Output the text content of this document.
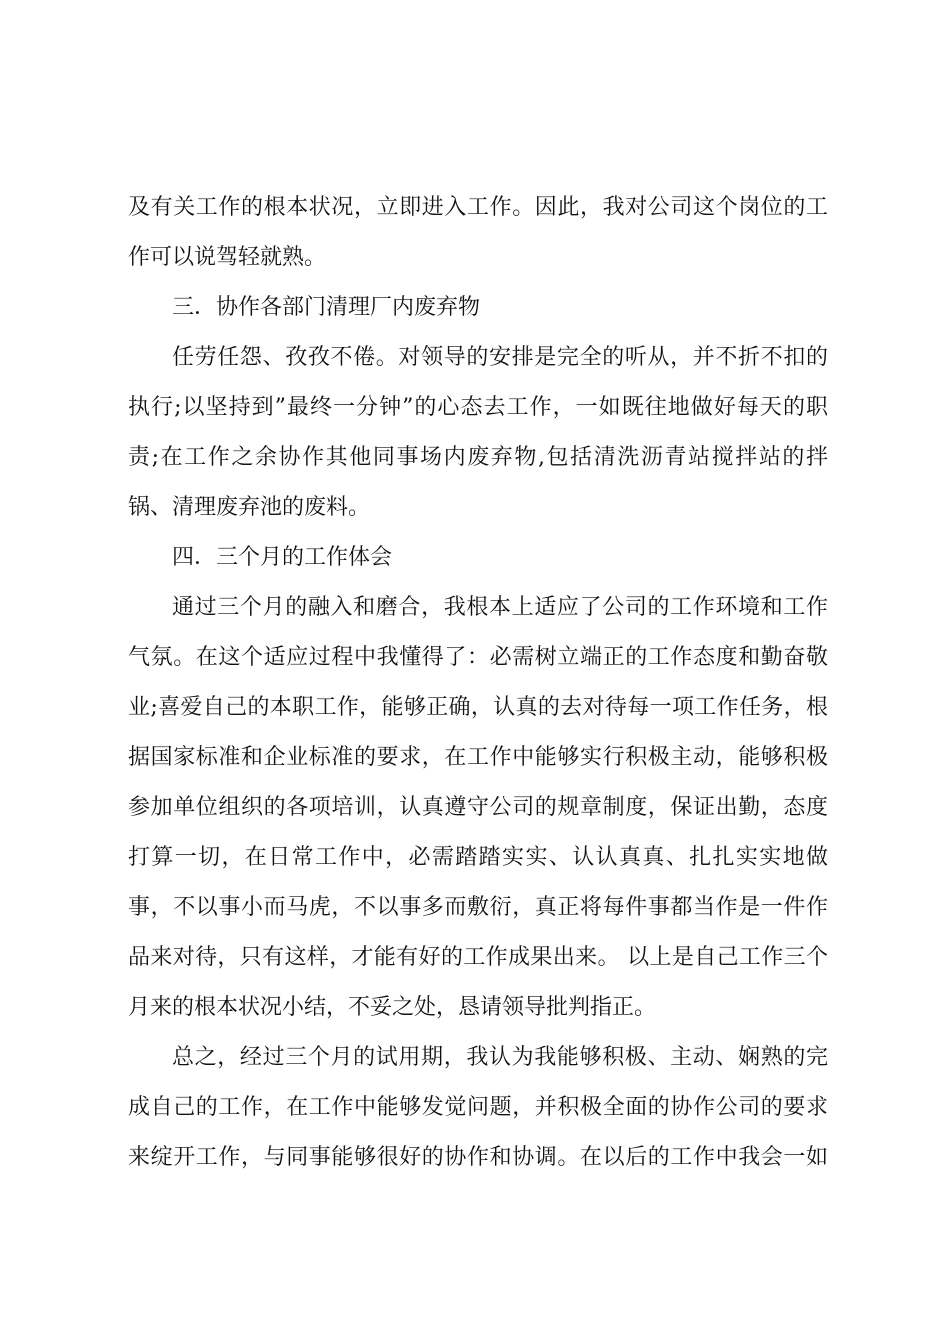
及有关工作的根本状况，立即进入工作。因此，我对公司这个岗位的工
作可以说驾轻就熟。
三．协作各部门清理厂内废弃物
任劳任怨、孜孜不倦。对领导的安排是完全的听从，并不折不扣的
执行;以坚持到”最终一分钟”的心态去工作，一如既往地做好每天的职
责;在工作之余协作其他同事场内废弃物,包括清洗沥青站搅拌站的拌
锅、清理废弃池的废料。
四．三个月的工作体会
通过三个月的融入和磨合，我根本上适应了公司的工作环境和工作
气氛。在这个适应过程中我懂得了：必需树立端正的工作态度和勤奋敬
业;喜爱自己的本职工作，能够正确，认真的去对待每一项工作任务，根
据国家标准和企业标准的要求，在工作中能够实行积极主动，能够积极
参加单位组织的各项培训，认真遵守公司的规章制度，保证出勤，态度
打算一切，在日常工作中，必需踏踏实实、认认真真、扎扎实实地做
事，不以事小而马虎，不以事多而敷衍，真正将每件事都当作是一件作
品来对待，只有这样，才能有好的工作成果出来。 以上是自己工作三个
月来的根本状况小结，不妥之处，恳请领导批判指正。
总之，经过三个月的试用期，我认为我能够积极、主动、娴熟的完
成自己的工作，在工作中能够发觉问题，并积极全面的协作公司的要求
来绽开工作，与同事能够很好的协作和协调。在以后的工作中我会一如
